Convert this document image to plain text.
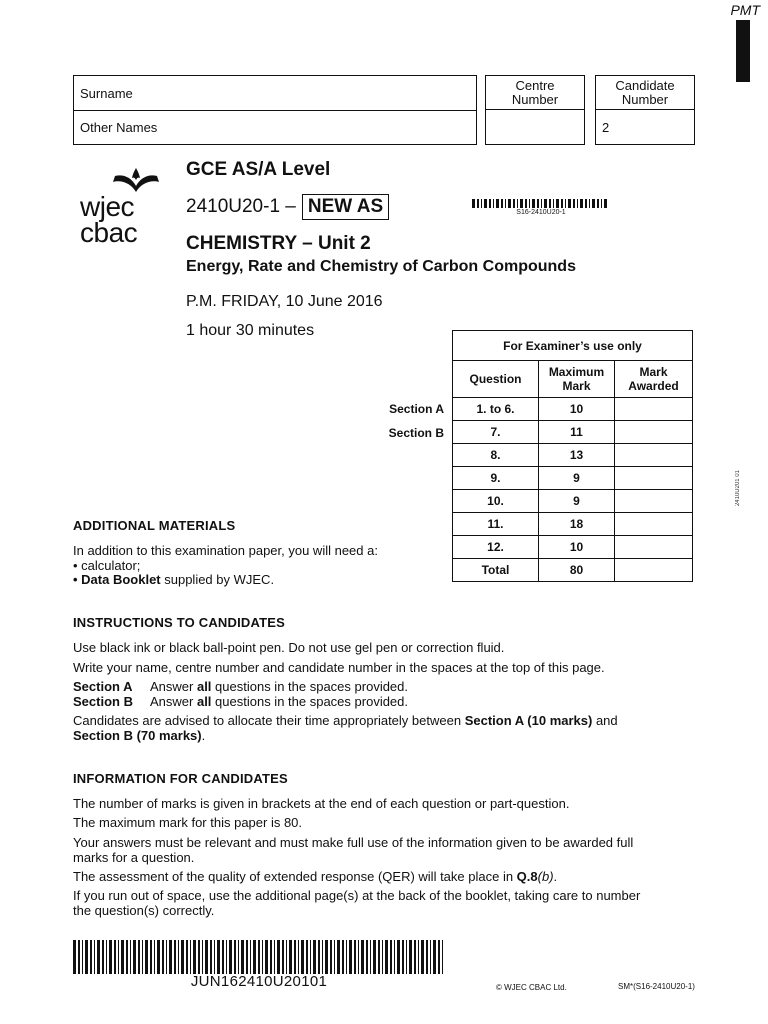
PMT
2410U201 01
Surname
Other Names
Centre Number
Candidate Number
2
wjec
cbac
GCE AS/A Level
2410U20-1 – NEW AS	S16-2410U20-1
CHEMISTRY – Unit 2
Energy, Rate and Chemistry of Carbon Compounds
P.M. FRIDAY, 10 June 2016
1 hour 30 minutes
Section A
Section B
For Examiner’s use only		
Question	Maximum Mark	Mark Awarded
1. to 6.	10	
7.	11	
8.	13	
9.	9	
10.	9	
11.	18	
12.	10	
Total	80	
ADDITIONAL MATERIALS
In addition to this examination paper, you will need a:
• calculator;
• Data Booklet supplied by WJEC.
INSTRUCTIONS TO CANDIDATES
Use black ink or black ball-point pen. Do not use gel pen or correction fluid.
Write your name, centre number and candidate number in the spaces at the top of this page.
Section A Answer all questions in the spaces provided.
Section B Answer all questions in the spaces provided.
Candidates are advised to allocate their time appropriately between Section A (10 marks) and
Section B (70 marks).
INFORMATION FOR CANDIDATES
The number of marks is given in brackets at the end of each question or part-question.
The maximum mark for this paper is 80.
Your answers must be relevant and must make full use of the information given to be awarded full
marks for a question.
The assessment of the quality of extended response (QER) will take place in Q.8(b).
If you run out of space, use the additional page(s) at the back of the booklet, taking care to number
the question(s) correctly.
JUN162410U20101	© WJEC CBAC Ltd.	SM*(S16-2410U20-1)
